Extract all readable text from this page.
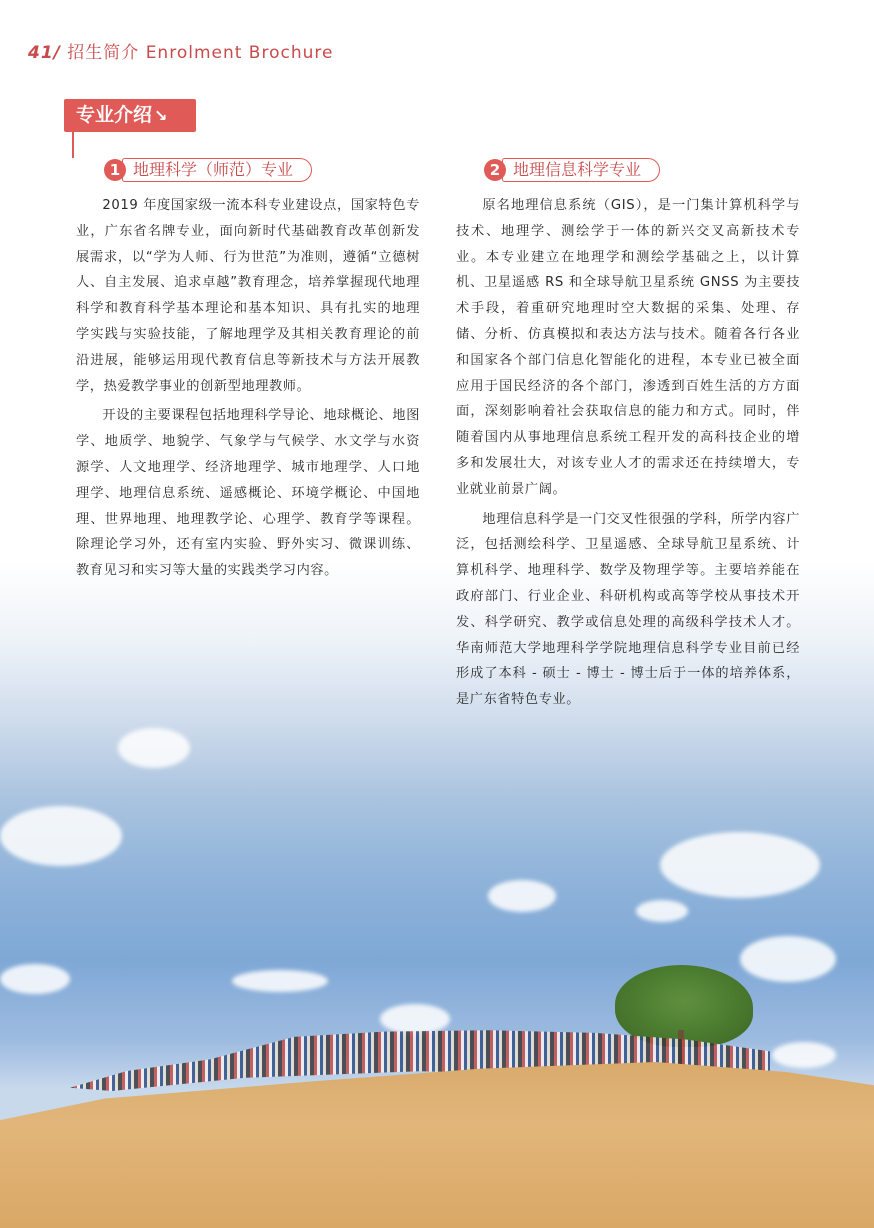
41/ 招生简介 Enrolment Brochure
专业介绍 ↘
1 地理科学（师范）专业

2019 年度国家级一流本科专业建设点，国家特色专业，广东省名牌专业，面向新时代基础教育改革创新发展需求，以“学为人师、行为世范”为准则，遵循“立德树人、自主发展、追求卓越”教育理念，培养掌握现代地理科学和教育科学基本理论和基本知识、具有扎实的地理学实践与实验技能，了解地理学及其相关教育理论的前沿进展，能够运用现代教育信息等新技术与方法开展教学，热爱教学事业的创新型地理教师。

开设的主要课程包括地理科学导论、地球概论、地图学、地质学、地貌学、气象学与气候学、水文学与水资源学、人文地理学、经济地理学、城市地理学、人口地理学、地理信息系统、遥感概论、环境学概论、中国地理、世界地理、地理教学论、心理学、教育学等课程。除理论学习外，还有室内实验、野外实习、微课训练、教育见习和实习等大量的实践类学习内容。

2 地理信息科学专业

原名地理信息系统（GIS），是一门集计算机科学与技术、地理学、测绘学于一体的新兴交叉高新技术专业。本专业建立在地理学和测绘学基础之上，以计算机、卫星遥感 RS 和全球导航卫星系统 GNSS 为主要技术手段，着重研究地理时空大数据的采集、处理、存储、分析、仿真模拟和表达方法与技术。随着各行各业和国家各个部门信息化智能化的进程，本专业已被全面应用于国民经济的各个部门，渗透到百姓生活的方方面面，深刻影响着社会获取信息的能力和方式。同时，伴随着国内从事地理信息系统工程开发的高科技企业的增多和发展壮大，对该专业人才的需求还在持续增大，专业就业前景广阔。

地理信息科学是一门交叉性很强的学科，所学内容广泛，包括测绘科学、卫星遥感、全球导航卫星系统、计算机科学、地理科学、数学及物理学等。主要培养能在政府部门、行业企业、科研机构或高等学校从事技术开发、科学研究、教学或信息处理的高级科学技术人才。华南师范大学地理科学学院地理信息科学专业目前已经形成了本科 - 硕士 - 博士 - 博士后于一体的培养体系，是广东省特色专业。
